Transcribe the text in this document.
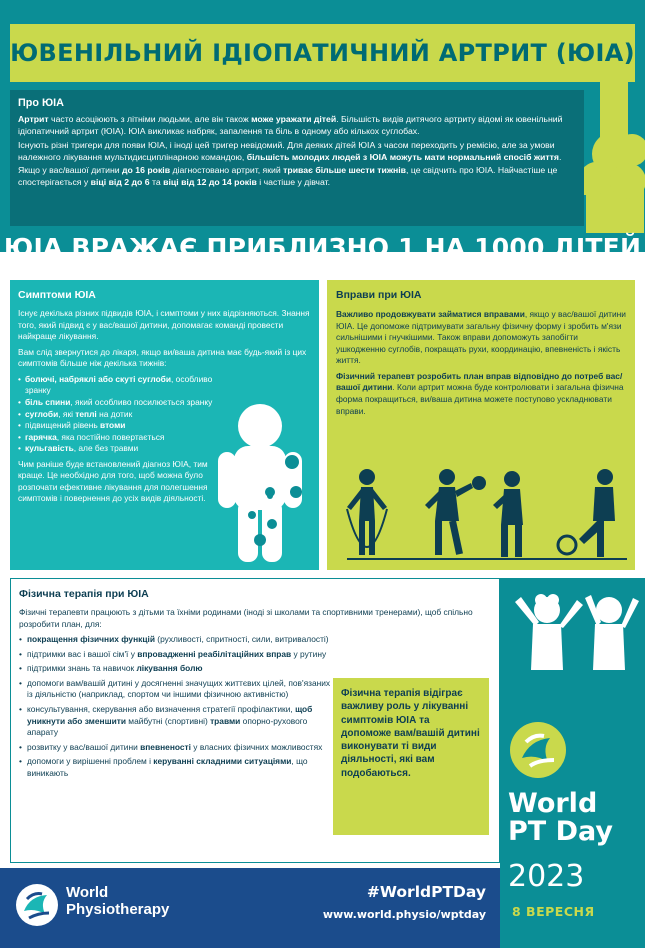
ЮВЕНІЛЬНИЙ ІДІОПАТИЧНИЙ АРТРИТ (ЮІА)
Про ЮІА

Артрит часто асоціюють з літніми людьми, але він також може уражати дітей. Більшість видів дитячого артриту відомі як ювенільний ідіопатичний артрит (ЮІА). ЮІА викликає набряк, запалення та біль в одному або кількох суглобах.

Існують різні тригери для появи ЮІА, і іноді цей тригер невідомий. Для деяких дітей ЮІА з часом переходить у ремісію, але за умови належного лікування мультидисциплінарною командою, більшість молодих людей з ЮІА можуть мати нормальний спосіб життя.

Якщо у вас/вашої дитини до 16 років діагностовано артрит, який триває більше шести тижнів, це свідчить про ЮІА. Найчастіше це спостерігається у віці від 2 до 6 та віці від 12 до 14 років і частіше у дівчат.

ЮІА ВРАЖАЄ ПРИБЛИЗНО 1 НА 1000 ДІТЕЙ
Симптоми ЮІА

Існує декілька різних підвидів ЮІА, і симптоми у них відрізняються. Знання того, який підвид є у вас/вашої дитини, допомагає команді провести найкраще лікування.

Вам слід звернутися до лікаря, якщо ви/ваша дитина має будь-який із цих симптомів більше ніж декілька тижнів:

• болючі, набряклі або скуті суглоби, особливо зранку
• біль спини, який особливо посилюється зранку
• суглоби, які теплі на дотик
• підвищений рівень втоми
• гарячка, яка постійно повертається
• кульгавість, але без травми

Чим раніше буде встановлений діагноз ЮІА, тим краще. Це необхідно для того, щоб можна було розпочати ефективне лікування для полегшення симптомів і повернення до усіх видів діяльності.

Вправи при ЮІА

Важливо продовжувати займатися вправами, якщо у вас/вашої дитини ЮІА. Це допоможе підтримувати загальну фізичну форму і зробить м'язи сильнішими і гнучкішими. Також вправи допоможуть запобігти ушкодженню суглобів, покращать рухи, координацію, впевненість і якість життя.

Фізичний терапевт розробить план вправ відповідно до потреб вас/вашої дитини. Коли артрит можна буде контролювати і загальна фізична форма покращиться, ви/ваша дитина можете поступово ускладнювати вправи.

Фізична терапія при ЮІА

Фізичні терапевти працюють з дітьми та їхніми родинами (іноді зі школами та спортивними тренерами), щоб спільно розробити план, для:

• покращення фізичних функцій (рухливості, спритності, сили, витривалості)
• підтримки вас і вашої сім'ї у впровадженні реабілітаційних вправ у рутину
• підтримки знань та навичок лікування болю
• допомоги вам/вашій дитині у досягненні значущих життєвих цілей, пов'язаних із діяльністю (наприклад, спортом чи іншими фізичною активністю)
• консультування, скерування або визначення стратегії профілактики, щоб уникнути або зменшити майбутні (спортивні) травми опорно-рухового апарату
• розвитку у вас/вашої дитини впевненості у власних фізичних можливостях
• допомоги у вирішенні проблем і керуванні складними ситуаціями, що виникають
Фізична терапія відіграє важливу роль у лікуванні симптомів ЮІА та допоможе вам/вашій дитині виконувати ті види діяльності, які вам подобаються.
World
PT Day
2023
8 ВЕРЕСНЯ
World
Physiotherapy
#WorldPTDay
www.world.physio/wptday
